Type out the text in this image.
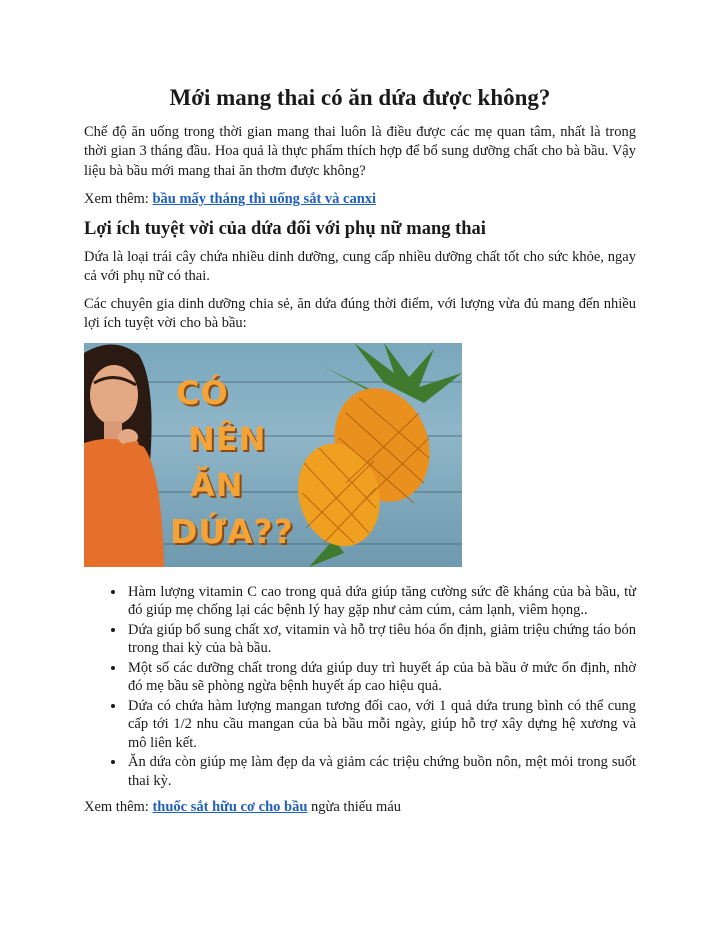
Mới mang thai có ăn dứa được không?

Chế độ ăn uống trong thời gian mang thai luôn là điều được các mẹ quan tâm, nhất là trong thời gian 3 tháng đầu. Hoa quả là thực phẩm thích hợp để bổ sung dưỡng chất cho bà bầu. Vậy liệu bà bầu mới mang thai ăn thơm được không?

Xem thêm: bầu mấy tháng thì uống sắt và canxi

Lợi ích tuyệt vời của dứa đối với phụ nữ mang thai

Dứa là loại trái cây chứa nhiều dinh dưỡng, cung cấp nhiều dưỡng chất tốt cho sức khỏe, ngay cả với phụ nữ có thai.

Các chuyên gia dinh dưỡng chia sẻ, ăn dứa đúng thời điểm, với lượng vừa đủ mang đến nhiều lợi ích tuyệt vời cho bà bầu:

CÓ
NÊN
ĂN
DỨA??
• Hàm lượng vitamin C cao trong quả dứa giúp tăng cường sức đề kháng của bà bầu, từ đó giúp mẹ chống lại các bệnh lý hay gặp như cảm cúm, cảm lạnh, viêm họng..
• Dứa giúp bổ sung chất xơ, vitamin và hỗ trợ tiêu hóa ổn định, giảm triệu chứng táo bón trong thai kỳ của bà bầu.
• Một số các dưỡng chất trong dứa giúp duy trì huyết áp của bà bầu ở mức ổn định, nhờ đó mẹ bầu sẽ phòng ngừa bệnh huyết áp cao hiệu quả.
• Dứa có chứa hàm lượng mangan tương đối cao, với 1 quả dứa trung bình có thể cung cấp tới 1/2 nhu cầu mangan của bà bầu mỗi ngày, giúp hỗ trợ xây dựng hệ xương và mô liên kết.
• Ăn dứa còn giúp mẹ làm đẹp da và giảm các triệu chứng buồn nôn, mệt mỏi trong suốt thai kỳ.

Xem thêm: thuốc sắt hữu cơ cho bầu ngừa thiếu máu
